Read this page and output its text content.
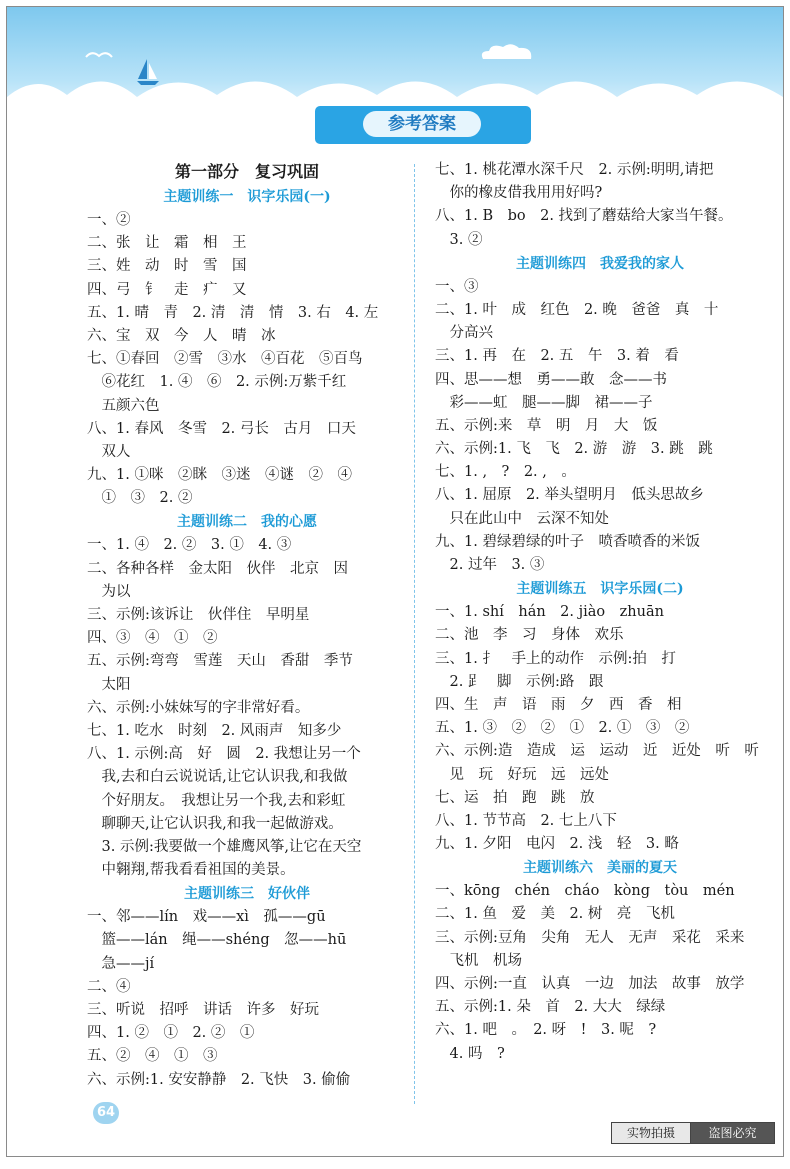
参考答案
第一部分　复习巩固
主题训练一　识字乐园(一)
一、②
二、张　让　霜　相　王
三、姓　动　时　雪　国
四、弓　钅　走　疒　又
五、1. 晴　青　2. 清　清　情　3. 右　4. 左
六、宝　双　今　人　晴　冰
七、①春回　②雪　③水　④百花　⑤百鸟
　⑥花红　1. ④　⑥　2. 示例:万紫千红
　五颜六色
八、1. 春风　冬雪　2. 弓长　古月　口天
　双人
九、1. ①咪　②眯　③迷　④谜　②　④
　①　③　2. ②
主题训练二　我的心愿
一、1. ④　2. ②　3. ①　4. ③
二、各种各样　金太阳　伙伴　北京　因
　为以
三、示例:该诉让　伙伴住　早明星
四、③　④　①　②
五、示例:弯弯　雪莲　天山　香甜　季节
　太阳
六、示例:小妹妹写的字非常好看。
七、1. 吃水　时刻　2. 风雨声　知多少
八、1. 示例:高　好　圆　2. 我想让另一个
　我,去和白云说说话,让它认识我,和我做
　个好朋友。　我想让另一个我,去和彩虹
　聊聊天,让它认识我,和我一起做游戏。
　3. 示例:我要做一个雄鹰风筝,让它在天空
　中翱翔,帮我看看祖国的美景。
主题训练三　好伙伴
一、邻——lín　戏——xì　孤——gū
　篮——lán　绳——shéng　忽——hū
　急——jí
二、④
三、听说　招呼　讲话　许多　好玩
四、1. ②　①　2. ②　①
五、②　④　①　③
六、示例:1. 安安静静　2. 飞快　3. 偷偷
七、1. 桃花潭水深千尺　2. 示例:明明,请把
　你的橡皮借我用用好吗?
八、1. B　bo　2. 找到了蘑菇给大家当午餐。
　3. ②
主题训练四　我爱我的家人
一、③
二、1. 叶　成　红色　2. 晚　爸爸　真　十
　分高兴
三、1. 再　在　2. 五　午　3. 着　看
四、思——想　勇——敢　念——书
　彩——虹　腿——脚　裙——子
五、示例:来　草　明　月　大　饭
六、示例:1. 飞　飞　2. 游　游　3. 跳　跳
七、1. ,　?　2. ,　。
八、1. 屈原　2. 举头望明月　低头思故乡
　只在此山中　云深不知处
九、1. 碧绿碧绿的叶子　喷香喷香的米饭
　2. 过年　3. ③
主题训练五　识字乐园(二)
一、1. shí　hán　2. jiào　zhuān
二、池　李　习　身体　欢乐
三、1. 扌　手上的动作　示例:拍　打
　2. 𧾷　脚　示例:路　跟
四、生　声　语　雨　夕　西　香　相
五、1. ③　②　②　①　2. ①　③　②
六、示例:造　造成　运　运动　近　近处　听　听
　见　玩　好玩　远　远处
七、运　拍　跑　跳　放
八、1. 节节高　2. 七上八下
九、1. 夕阳　电闪　2. 浅　轻　3. 略
主题训练六　美丽的夏天
一、kōng　chén　cháo　kòng　tòu　mén
二、1. 鱼　爱　美　2. 树　亮　飞机
三、示例:豆角　尖角　无人　无声　采花　采来
　飞机　机场
四、示例:一直　认真　一边　加法　故事　放学
五、示例:1. 朵　首　2. 大大　绿绿
六、1. 吧　。　2. 呀　!　3. 呢　?
　4. 吗　?
64
实物拍摄	盗图必究
